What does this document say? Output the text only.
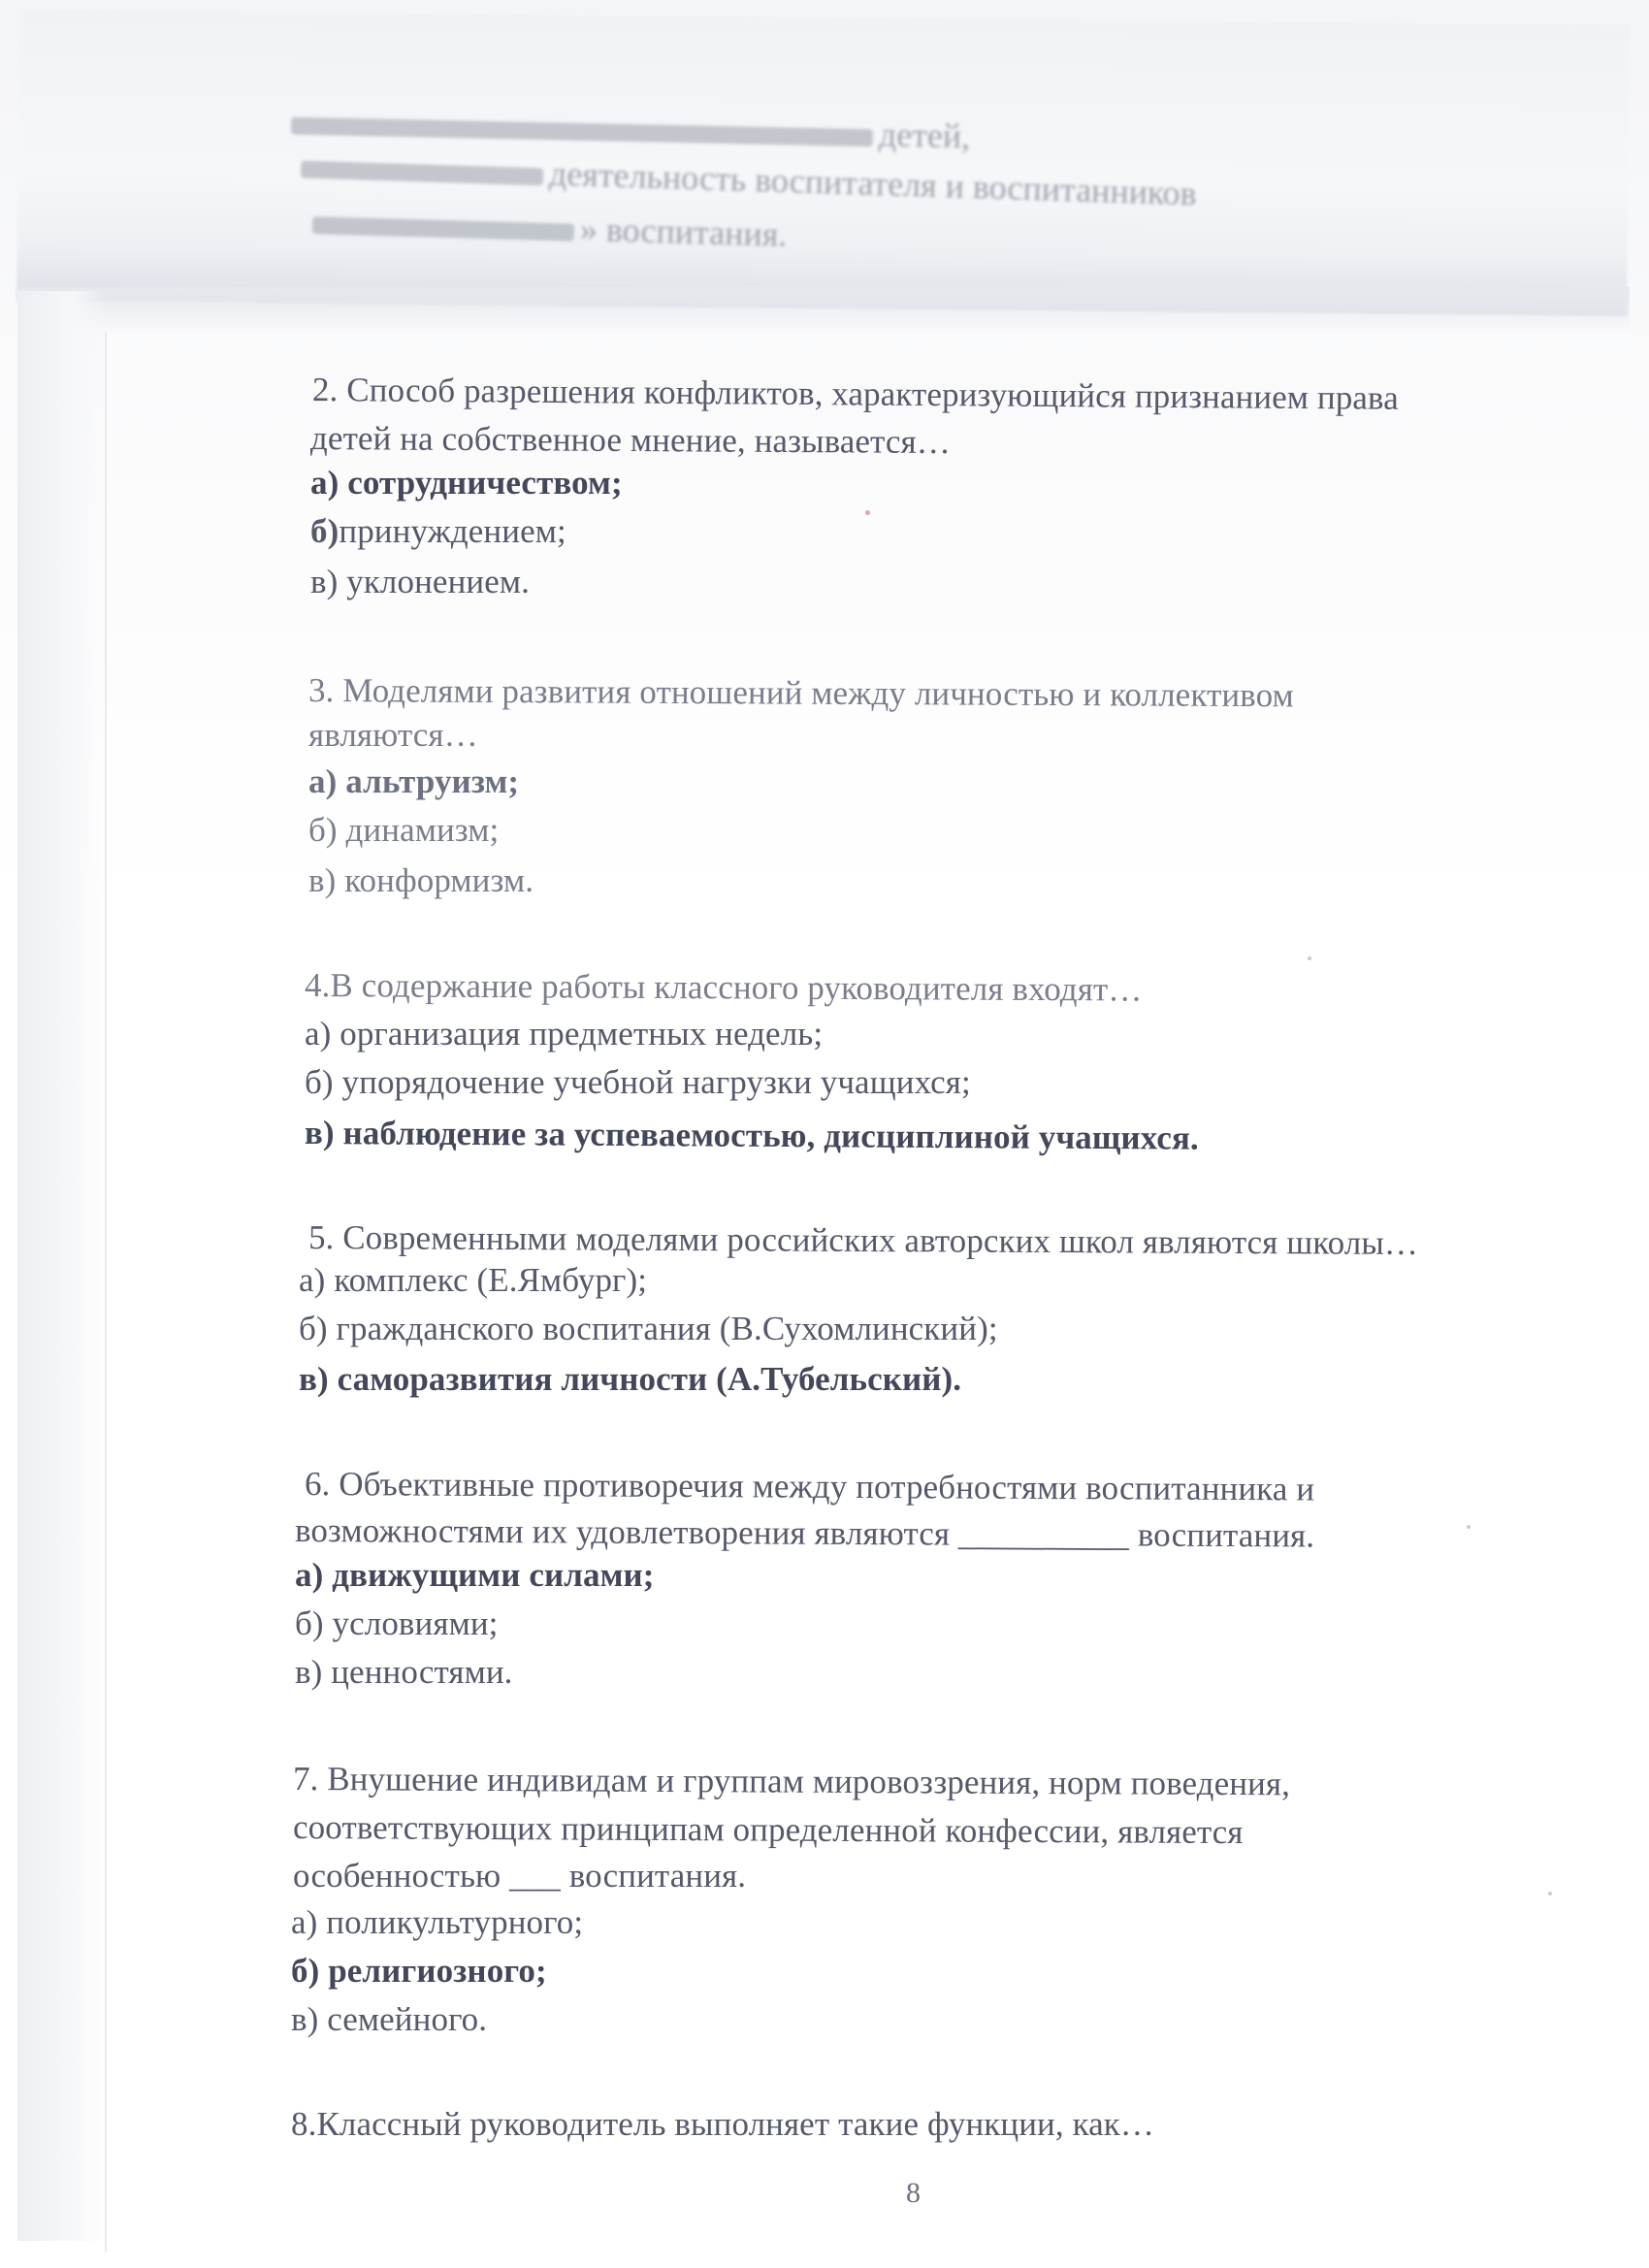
детей,
деятельность воспитателя и воспитанников
» воспитания.
2. Способ разрешения конфликтов, характеризующийся признанием права
детей на собственное мнение, называется…
а) сотрудничеством;
б)принуждением;
в) уклонением.
3. Моделями развития отношений между личностью и коллективом
являются…
а) альтруизм;
б) динамизм;
в) конформизм.
4.В содержание работы классного руководителя входят…
а) организация предметных недель;
б) упорядочение учебной нагрузки учащихся;
в) наблюдение за успеваемостью, дисциплиной учащихся.
5. Современными моделями российских авторских школ являются школы…
а) комплекс (Е.Ямбург);
б) гражданского воспитания (В.Сухомлинский);
в) саморазвития личности (А.Тубельский).
6. Объективные противоречия между потребностями воспитанника и
возможностями их удовлетворения являются __________ воспитания.
а) движущими силами;
б) условиями;
в) ценностями.
7. Внушение индивидам и группам мировоззрения, норм поведения,
соответствующих принципам определенной конфессии, является
особенностью ___ воспитания.
а) поликультурного;
б) религиозного;
в) семейного.
8.Классный руководитель выполняет такие функции, как…
8
